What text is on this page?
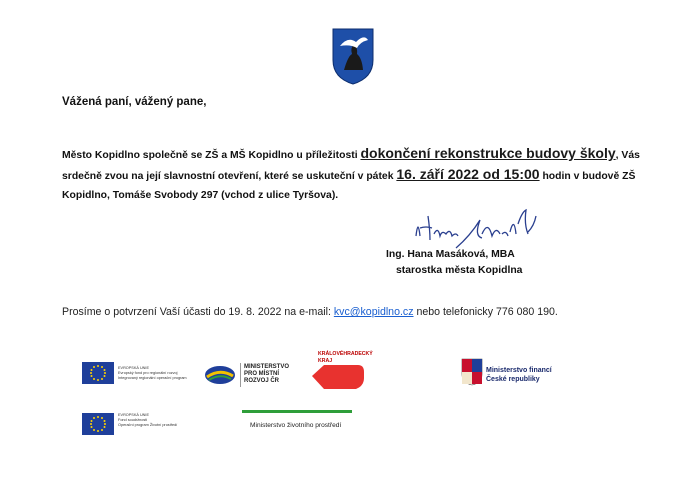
Vážená paní, vážený pane,
Město Kopidlno společně se ZŠ a MŠ Kopidlno u příležitosti dokončení rekonstrukce budovy školy, Vás
srdečně zvou na její slavnostní otevření, které se uskuteční v pátek 16. září 2022 od 15:00 hodin v budově ZŠ
Kopidlno, Tomáše Svobody 297 (vchod z ulice Tyršova).
Ing. Hana Masáková, MBA
starostka města Kopidlna
Prosíme o potvrzení Vaší účasti do 19. 8. 2022 na e-mail: kvc@kopidlno.cz nebo telefonicky 776 080 190.
EVROPSKÁ UNIE
Evropský fond pro regionální rozvoj
Integrovaný regionální operační program
MINISTERSTVO
PRO MÍSTNÍ
ROZVOJ ČR
KRÁLOVÉHRADECKÝ
KRAJ
Ministerstvo financí
České republiky
EVROPSKÁ UNIE
Fond soudržnosti
Operační program Životní prostředí	Ministerstvo životního prostředí
